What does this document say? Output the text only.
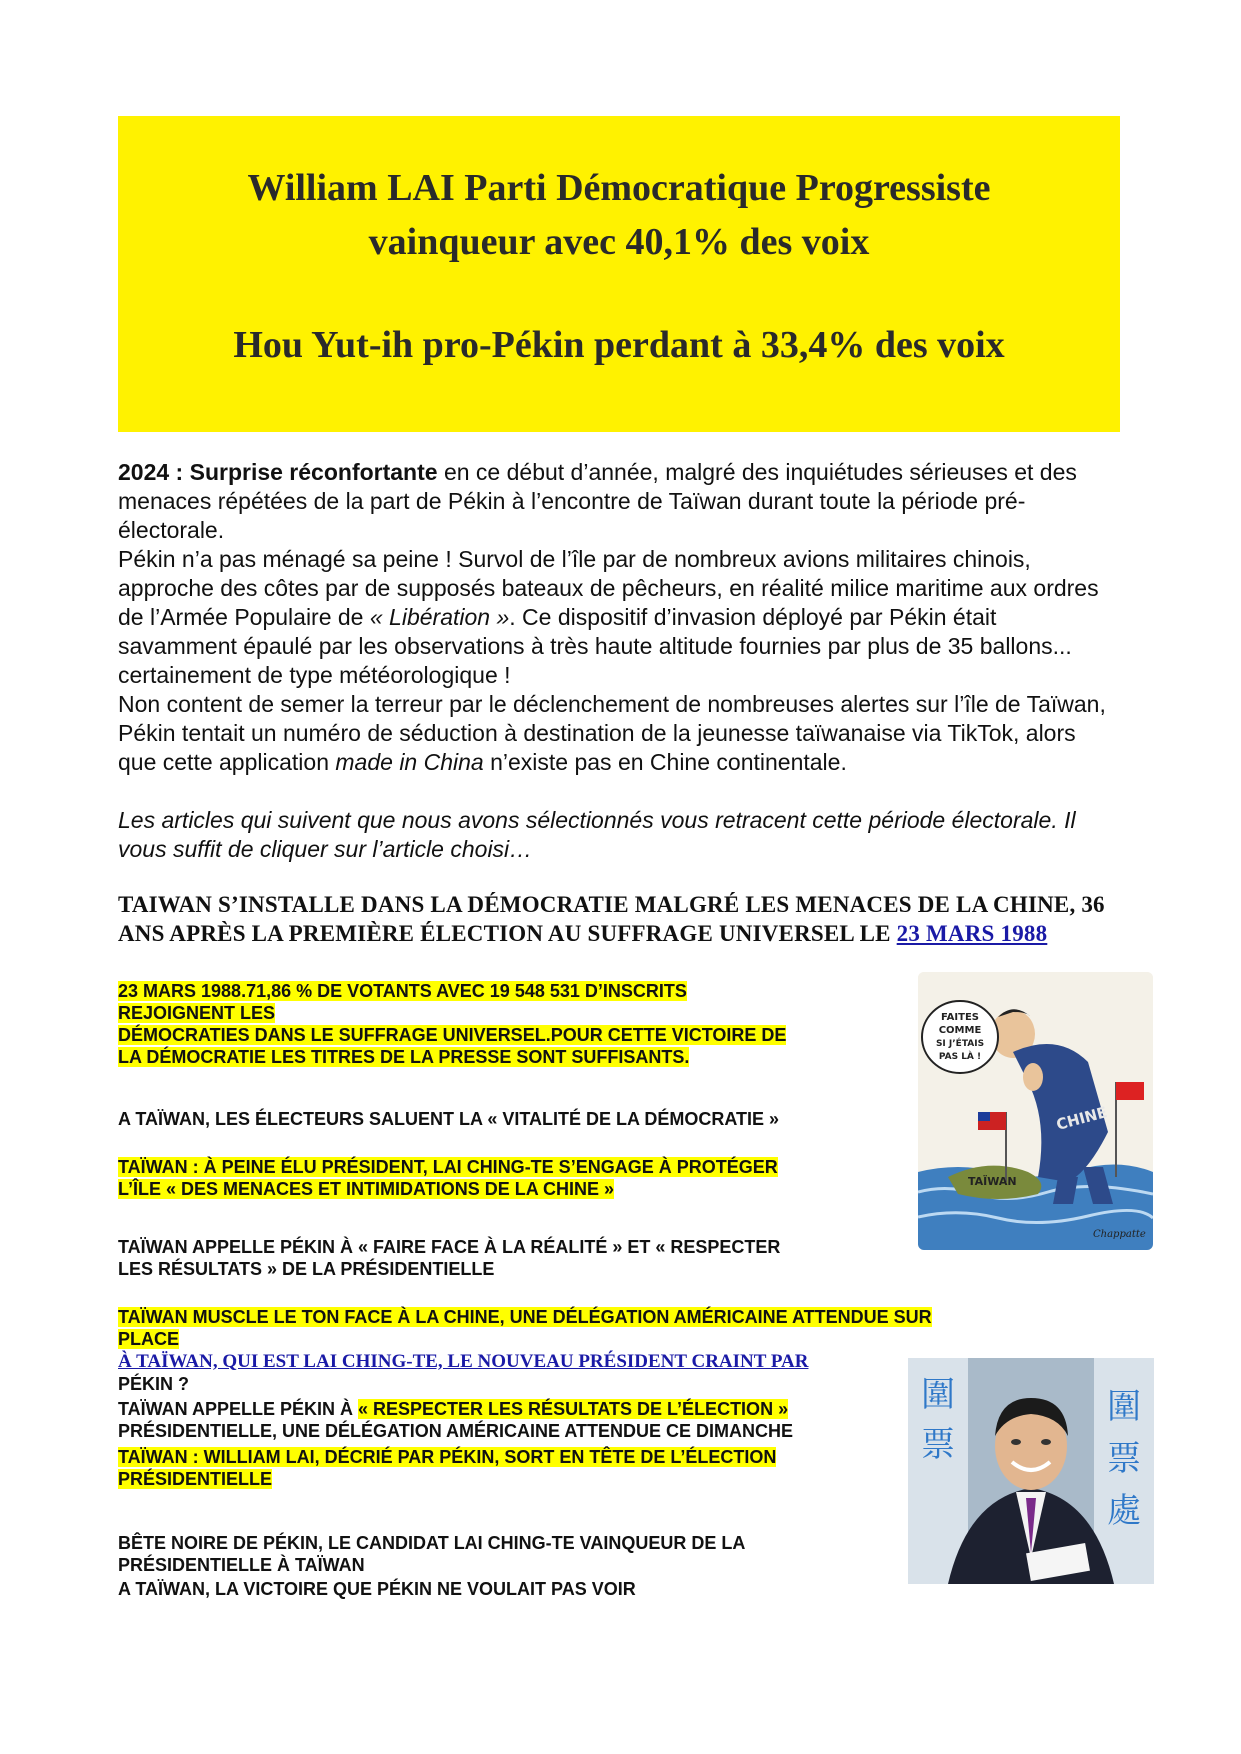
William LAI Parti Démocratique Progressiste
vainqueur avec 40,1% des voix
Hou Yut-ih pro-Pékin perdant à 33,4% des voix

2024 : Surprise réconfortante en ce début d’année, malgré des inquiétudes sérieuses et des menaces répétées de la part de Pékin à l’encontre de Taïwan durant toute la période pré-électorale.

Pékin n’a pas ménagé sa peine ! Survol de l’île par de nombreux avions militaires chinois, approche des côtes par de supposés bateaux de pêcheurs, en réalité milice maritime aux ordres de l’Armée Populaire de « Libération ». Ce dispositif d’invasion déployé par Pékin était savamment épaulé par les observations à très haute altitude fournies par plus de 35 ballons... certainement de type météorologique !

Non content de semer la terreur par le déclenchement de nombreuses alertes sur l’île de Taïwan, Pékin tentait un numéro de séduction à destination de la jeunesse taïwanaise via TikTok, alors que cette application made in China n’existe pas en Chine continentale.

Les articles qui suivent que nous avons sélectionnés vous retracent cette période électorale. Il vous suffit de cliquer sur l’article choisi…
TAIWAN S’INSTALLE DANS LA DÉMOCRATIE MALGRÉ LES MENACES DE LA CHINE, 36 ANS APRÈS LA PREMIÈRE ÉLECTION AU SUFFRAGE UNIVERSEL LE 23 MARS 1988
23 MARS 1988.71,86 % DE VOTANTS AVEC 19 548 531 D’INSCRITS
REJOIGNENT LES
DÉMOCRATIES DANS LE SUFFRAGE UNIVERSEL.POUR CETTE VICTOIRE DE
LA DÉMOCRATIE LES TITRES DE LA PRESSE SONT SUFFISANTS.
A TAÏWAN, LES ÉLECTEURS SALUENT LA « VITALITÉ DE LA DÉMOCRATIE »
TAÏWAN : À PEINE ÉLU PRÉSIDENT, LAI CHING-TE S’ENGAGE À PROTÉGER
L’ÎLE « DES MENACES ET INTIMIDATIONS DE LA CHINE »
TAÏWAN APPELLE PÉKIN À « FAIRE FACE À LA RÉALITÉ » ET « RESPECTER
LES RÉSULTATS » DE LA PRÉSIDENTIELLE
TAÏWAN MUSCLE LE TON FACE À LA CHINE, UNE DÉLÉGATION AMÉRICAINE ATTENDUE SUR
PLACE
À TAÏWAN, QUI EST LAI CHING-TE, LE NOUVEAU PRÉSIDENT CRAINT PAR
PÉKIN ?
TAÏWAN APPELLE PÉKIN À « RESPECTER LES RÉSULTATS DE L’ÉLECTION »
PRÉSIDENTIELLE, UNE DÉLÉGATION AMÉRICAINE ATTENDUE CE DIMANCHE
TAÏWAN : WILLIAM LAI, DÉCRIÉ PAR PÉKIN, SORT EN TÊTE DE L’ÉLECTION
PRÉSIDENTIELLE
BÊTE NOIRE DE PÉKIN, LE CANDIDAT LAI CHING-TE VAINQUEUR DE LA
PRÉSIDENTIELLE À TAÏWAN
A TAÏWAN, LA VICTOIRE QUE PÉKIN NE VOULAIT PAS VOIR
FAITES
COMME
SI J’ÉTAIS
PAS LÀ !
CHINE
TAÏWAN
Chappatte
圍
票
圍
票
處
